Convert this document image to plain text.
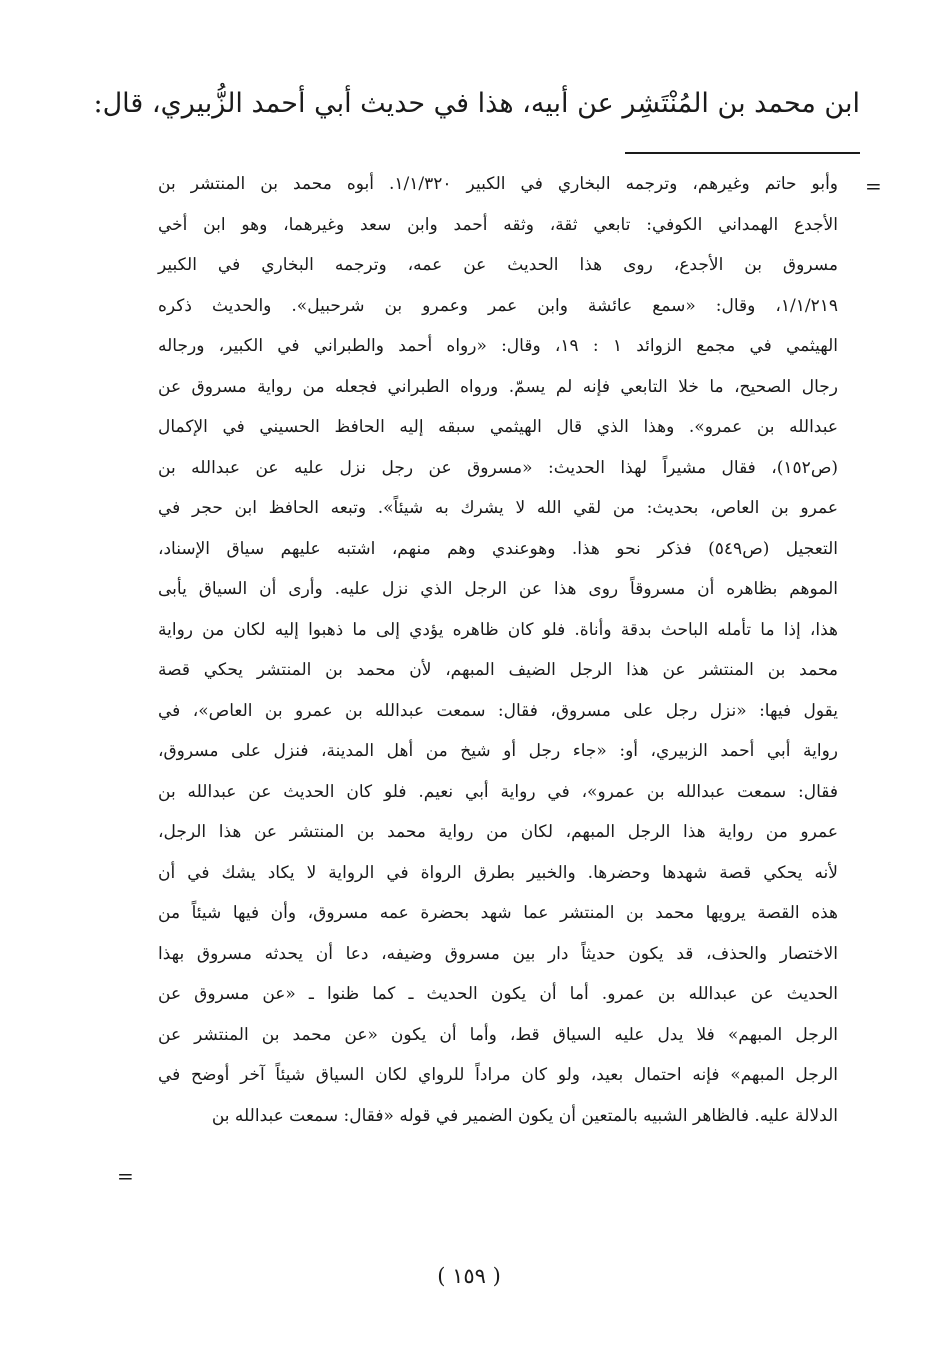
ابن محمد بن المُنْتَشِر عن أبيه، هذا في حديث أبي أحمد الزُّبيري، قال:
=
وأبو حاتم وغيرهم، وترجمه البخاري في الكبير ١/١/٣٢٠. أبوه محمد بن المنتشر بن
الأجدع الهمداني الكوفي: تابعي ثقة، وثقه أحمد وابن سعد وغيرهما، وهو ابن أخي
مسروق بن الأجدع، روى هذا الحديث عن عمه، وترجمه البخاري في الكبير
١/١/٢١٩، وقال: «سمع عائشة وابن عمر وعمرو بن شرحبيل». والحديث ذكره
الهيثمي في مجمع الزوائد ١ : ١٩، وقال: «رواه أحمد والطبراني في الكبير، ورجاله
رجال الصحيح، ما خلا التابعي فإنه لم يسمّ. ورواه الطبراني فجعله من رواية مسروق عن
عبدالله بن عمرو». وهذا الذي قال الهيثمي سبقه إليه الحافظ الحسيني في الإكمال
(ص١٥٢)، فقال مشيراً لهذا الحديث: «مسروق عن رجل نزل عليه عن عبدالله بن
عمرو بن العاص، بحديث: من لقي الله لا يشرك به شيئاً». وتبعه الحافظ ابن حجر في
التعجيل (ص٥٤٩) فذكر نحو هذا. وهوعندي وهم منهم، اشتبه عليهم سياق الإسناد،
الموهم بظاهره أن مسروقاً روى هذا عن الرجل الذي نزل عليه. وأرى أن السياق يأبى
هذا، إذا ما تأمله الباحث بدقة وأناة. فلو كان ظاهره يؤدي إلى ما ذهبوا إليه لكان من رواية
محمد بن المنتشر عن هذا الرجل الضيف المبهم، لأن محمد بن المنتشر يحكي قصة
يقول فيها: «نزل رجل على مسروق، فقال: سمعت عبدالله بن عمرو بن العاص»، في
رواية أبي أحمد الزبيري، أو: «جاء رجل أو شيخ من أهل المدينة، فنزل على مسروق،
فقال: سمعت عبدالله بن عمرو»، في رواية أبي نعيم. فلو كان الحديث عن عبدالله بن
عمرو من رواية هذا الرجل المبهم، لكان من رواية محمد بن المنتشر عن هذا الرجل،
لأنه يحكي قصة شهدها وحضرها. والخبير بطرق الرواة في الرواية لا يكاد يشك في أن
هذه القصة يرويها محمد بن المنتشر عما شهد بحضرة عمه مسروق، وأن فيها شيئاً من
الاختصار والحذف، قد يكون حديثاً دار بين مسروق وضيفه، دعا أن يحدثه مسروق بهذا
الحديث عن عبدالله بن عمرو. أما أن يكون الحديث ـ كما ظنوا ـ «عن مسروق عن
الرجل المبهم» فلا يدل عليه السياق قط، وأما أن يكون «عن محمد بن المنتشر عن
الرجل المبهم» فإنه احتمال بعيد، ولو كان مراداً للرواي لكان السياق شيئاً آخر أوضح في
الدلالة عليه. فالظاهر الشبيه بالمتعين أن يكون الضمير في قوله «فقال: سمعت عبدالله بن
=
( ١٥٩ )
